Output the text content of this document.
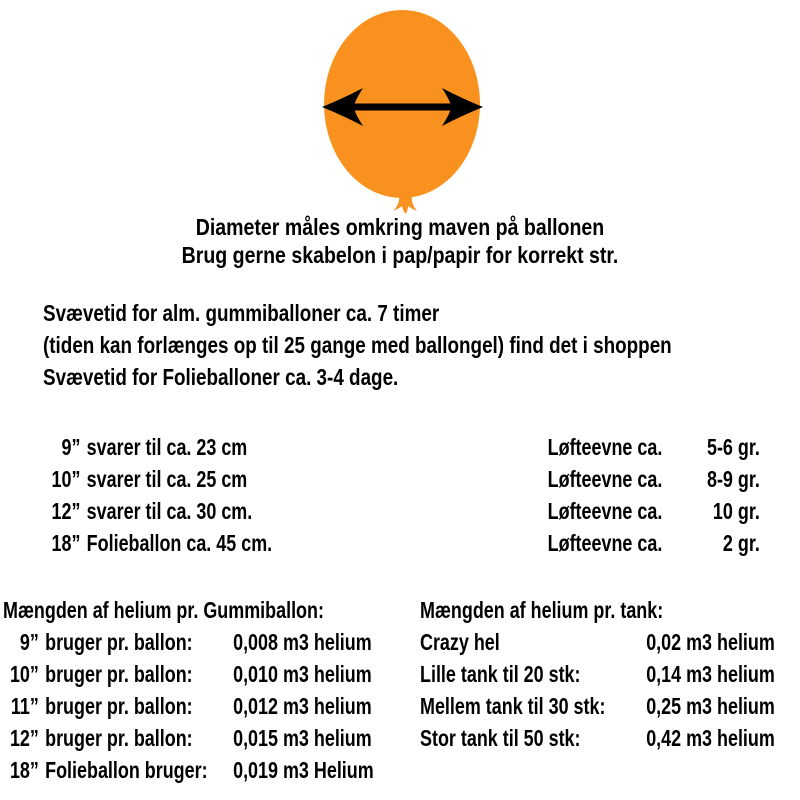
Diameter måles omkring maven på ballonen
Brug gerne skabelon i pap/papir for korrekt str.
Svævetid for alm. gummiballoner ca. 7 timer
(tiden kan forlænges op til 25 gange med ballongel) find det i shoppen
Svævetid for Folieballoner ca. 3-4 dage.
9” svarer til ca. 23 cm	Løfteevne ca.	5-6 gr.
10” svarer til ca. 25 cm	Løfteevne ca.	8-9 gr.
12” svarer til ca. 30 cm.	Løfteevne ca.	10 gr.
18” Folieballon ca. 45 cm.	Løfteevne ca.	2 gr.
Mængden af helium pr. Gummiballon:
9” bruger pr. ballon: 0,008 m3 helium
10” bruger pr. ballon: 0,010 m3 helium
11” bruger pr. ballon: 0,012 m3 helium
12” bruger pr. ballon: 0,015 m3 helium
18” Folieballon bruger: 0,019 m3 Helium
Mængden af helium pr. tank:
Crazy hel	0,02 m3 helium
Lille tank til 20 stk:	0,14 m3 helium
Mellem tank til 30 stk:	0,25 m3 helium
Stor tank til 50 stk:	0,42 m3 helium
